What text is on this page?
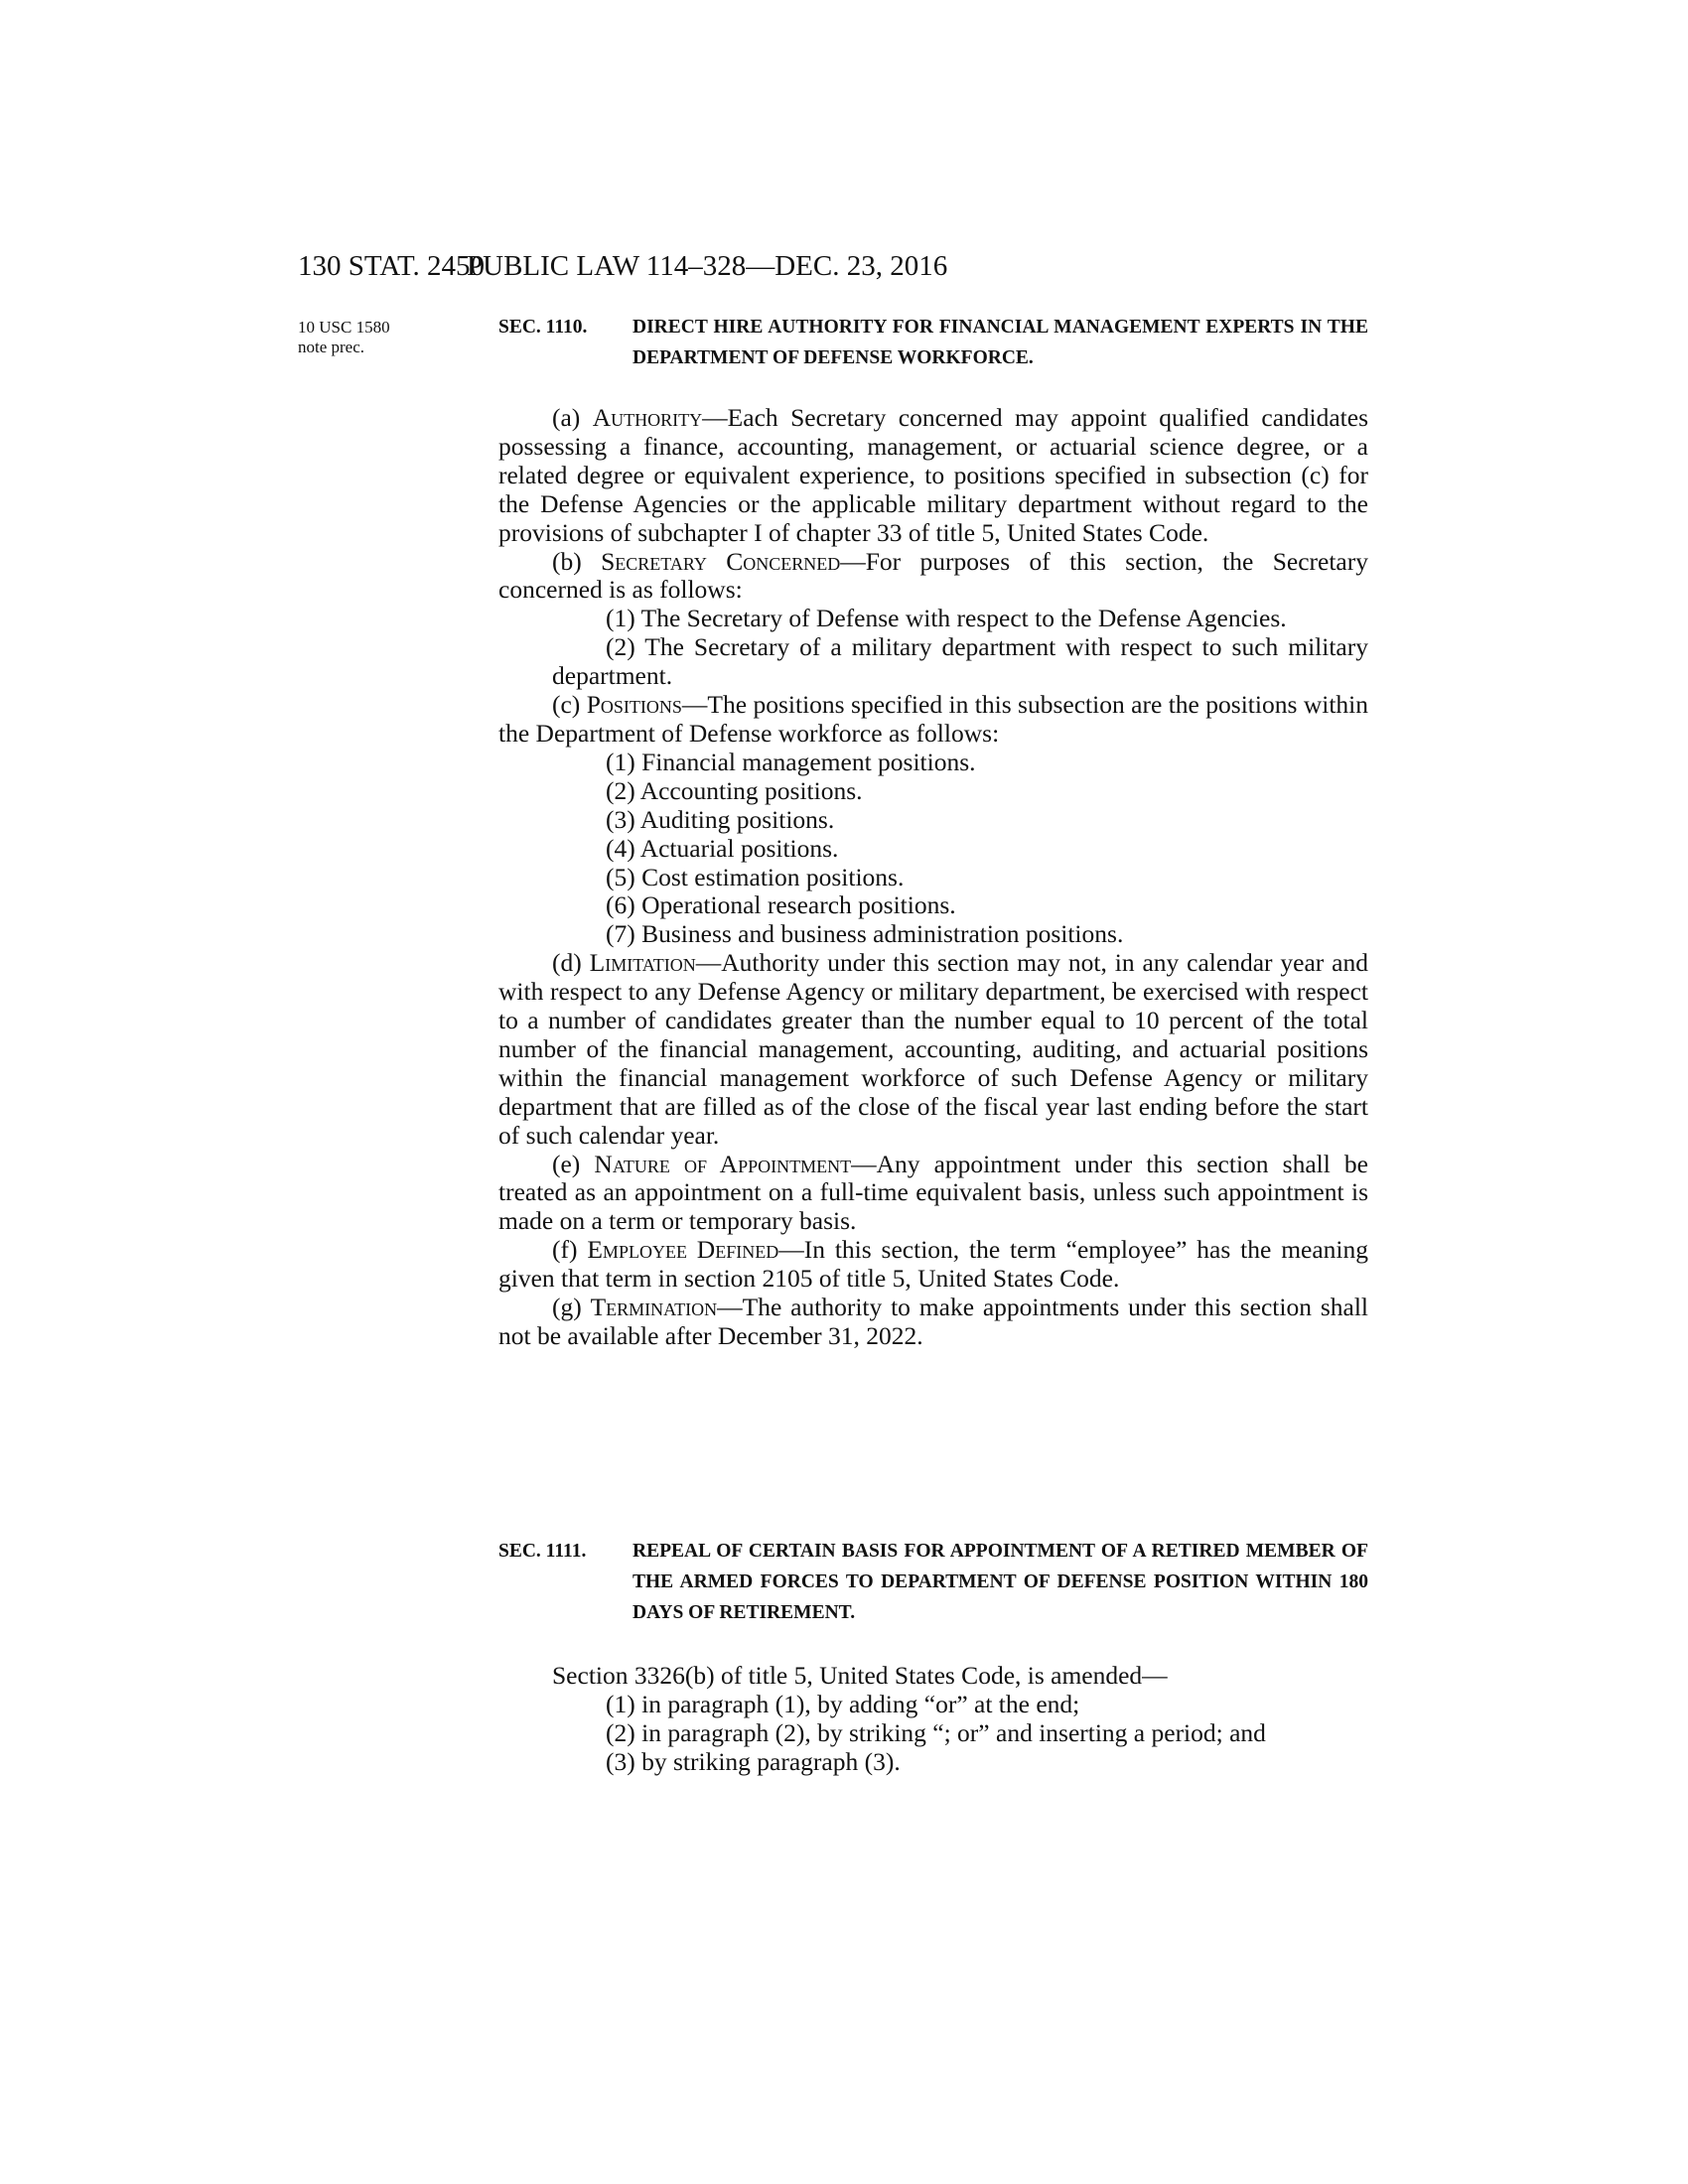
130 STAT. 2450
PUBLIC LAW 114–328—DEC. 23, 2016
10 USC 1580
note prec.
SEC. 1110. DIRECT HIRE AUTHORITY FOR FINANCIAL MANAGEMENT EXPERTS IN THE DEPARTMENT OF DEFENSE WORKFORCE.

(a) Authority—Each Secretary concerned may appoint qualified candidates possessing a finance, accounting, management, or actuarial science degree, or a related degree or equivalent experience, to positions specified in subsection (c) for the Defense Agencies or the applicable military department without regard to the provisions of subchapter I of chapter 33 of title 5, United States Code.

(b) Secretary Concerned—For purposes of this section, the Secretary concerned is as follows:

(1) The Secretary of Defense with respect to the Defense Agencies.

(2) The Secretary of a military department with respect to such military department.

(c) Positions—The positions specified in this subsection are the positions within the Department of Defense workforce as follows:

(1) Financial management positions.

(2) Accounting positions.

(3) Auditing positions.

(4) Actuarial positions.

(5) Cost estimation positions.

(6) Operational research positions.

(7) Business and business administration positions.

(d) Limitation—Authority under this section may not, in any calendar year and with respect to any Defense Agency or military department, be exercised with respect to a number of candidates greater than the number equal to 10 percent of the total number of the financial management, accounting, auditing, and actuarial positions within the financial management workforce of such Defense Agency or military department that are filled as of the close of the fiscal year last ending before the start of such calendar year.

(e) Nature of Appointment—Any appointment under this section shall be treated as an appointment on a full-time equivalent basis, unless such appointment is made on a term or temporary basis.

(f) Employee Defined—In this section, the term “employee” has the meaning given that term in section 2105 of title 5, United States Code.

(g) Termination—The authority to make appointments under this section shall not be available after December 31, 2022.

SEC. 1111. REPEAL OF CERTAIN BASIS FOR APPOINTMENT OF A RETIRED MEMBER OF THE ARMED FORCES TO DEPARTMENT OF DEFENSE POSITION WITHIN 180 DAYS OF RETIREMENT.

Section 3326(b) of title 5, United States Code, is amended—

(1) in paragraph (1), by adding “or” at the end;

(2) in paragraph (2), by striking “; or” and inserting a period; and

(3) by striking paragraph (3).
